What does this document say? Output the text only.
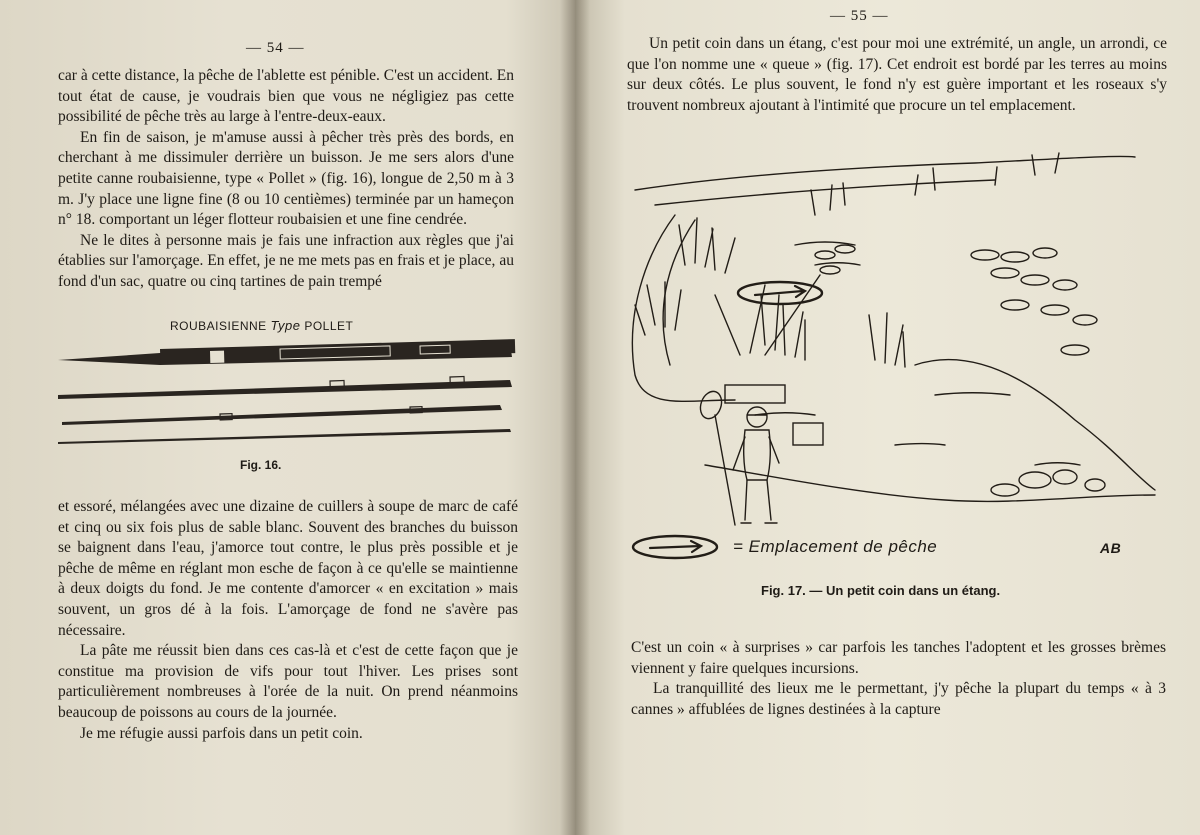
— 54 —

car à cette distance, la pêche de l'ablette est pénible. C'est un accident. En tout état de cause, je voudrais bien que vous ne négligiez pas cette possibilité de pêche très au large à l'entre-deux-eaux.

En fin de saison, je m'amuse aussi à pêcher très près des bords, en cherchant à me dissimuler derrière un buisson. Je me sers alors d'une petite canne roubaisienne, type « Pollet » (fig. 16), longue de 2,50 m à 3 m. J'y place une ligne fine (8 ou 10 centièmes) terminée par un hameçon n° 18. comportant un léger flotteur roubaisien et une fine cendrée.

Ne le dites à personne mais je fais une infraction aux règles que j'ai établies sur l'amorçage. En effet, je ne me mets pas en frais et je place, au fond d'un sac, quatre ou cinq tartines de pain trempé

ROUBAISIENNE Type POLLET
Fig. 16.

et essoré, mélangées avec une dizaine de cuillers à soupe de marc de café et cinq ou six fois plus de sable blanc. Souvent des branches du buisson se baignent dans l'eau, j'amorce tout contre, le plus près possible et je pêche de même en réglant mon esche de façon à ce qu'elle se maintienne à deux doigts du fond. Je me contente d'amorcer « en excitation » mais souvent, un gros dé à la fois. L'amorçage de fond ne s'avère pas nécessaire.

La pâte me réussit bien dans ces cas-là et c'est de cette façon que je constitue ma provision de vifs pour tout l'hiver. Les prises sont particulièrement nombreuses à l'orée de la nuit. On prend néanmoins beaucoup de poissons au cours de la journée.

Je me réfugie aussi parfois dans un petit coin.

— 55 —

Un petit coin dans un étang, c'est pour moi une extrémité, un angle, un arrondi, ce que l'on nomme une « queue » (fig. 17). Cet endroit est bordé par les terres au moins sur deux côtés. Le plus souvent, le fond n'y est guère important et les roseaux s'y trouvent nombreux ajoutant à l'intimité que procure un tel emplacement.

= Emplacement de pêche	AB
Fig. 17. — Un petit coin dans un étang.

C'est un coin « à surprises » car parfois les tanches l'adoptent et les grosses brèmes viennent y faire quelques incursions.

La tranquillité des lieux me le permettant, j'y pêche la plupart du temps « à 3 cannes » affublées de lignes destinées à la capture
